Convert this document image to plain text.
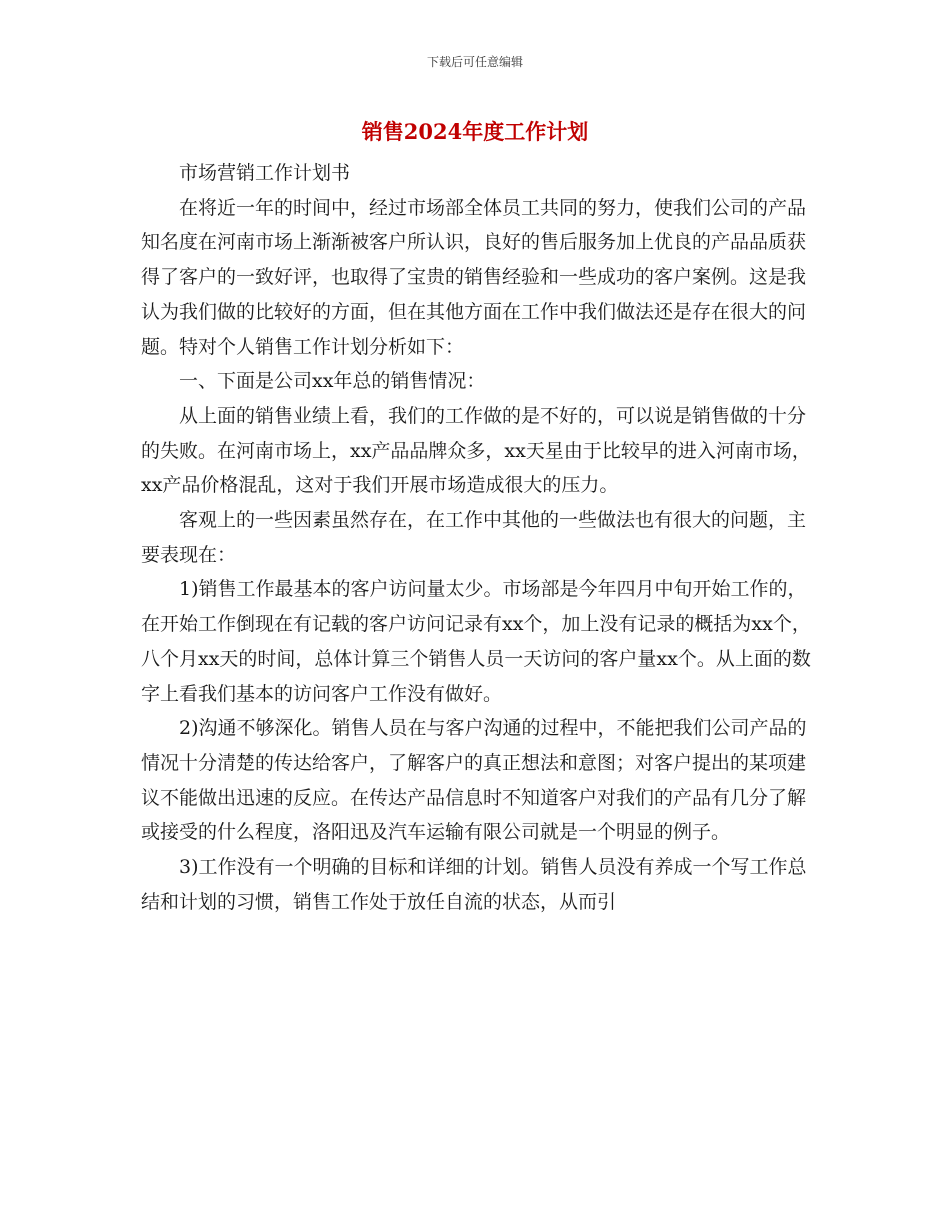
下载后可任意编辑
销售2024年度工作计划

市场营销工作计划书

在将近一年的时间中，经过市场部全体员工共同的努力，使我们公司的产品知名度在河南市场上渐渐被客户所认识，良好的售后服务加上优良的产品品质获得了客户的一致好评，也取得了宝贵的销售经验和一些成功的客户案例。这是我认为我们做的比较好的方面，但在其他方面在工作中我们做法还是存在很大的问题。特对个人销售工作计划分析如下：

一、下面是公司xx年总的销售情况：

从上面的销售业绩上看，我们的工作做的是不好的，可以说是销售做的十分的失败。在河南市场上，xx产品品牌众多，xx天星由于比较早的进入河南市场，xx产品价格混乱，这对于我们开展市场造成很大的压力。

客观上的一些因素虽然存在，在工作中其他的一些做法也有很大的问题，主要表现在：

1)销售工作最基本的客户访问量太少。市场部是今年四月中旬开始工作的，在开始工作倒现在有记载的客户访问记录有xx个，加上没有记录的概括为xx个，八个月xx天的时间，总体计算三个销售人员一天访问的客户量xx个。从上面的数字上看我们基本的访问客户工作没有做好。

2)沟通不够深化。销售人员在与客户沟通的过程中，不能把我们公司产品的情况十分清楚的传达给客户，了解客户的真正想法和意图；对客户提出的某项建议不能做出迅速的反应。在传达产品信息时不知道客户对我们的产品有几分了解或接受的什么程度，洛阳迅及汽车运输有限公司就是一个明显的例子。

3)工作没有一个明确的目标和详细的计划。销售人员没有养成一个写工作总结和计划的习惯，销售工作处于放任自流的状态，从而引
